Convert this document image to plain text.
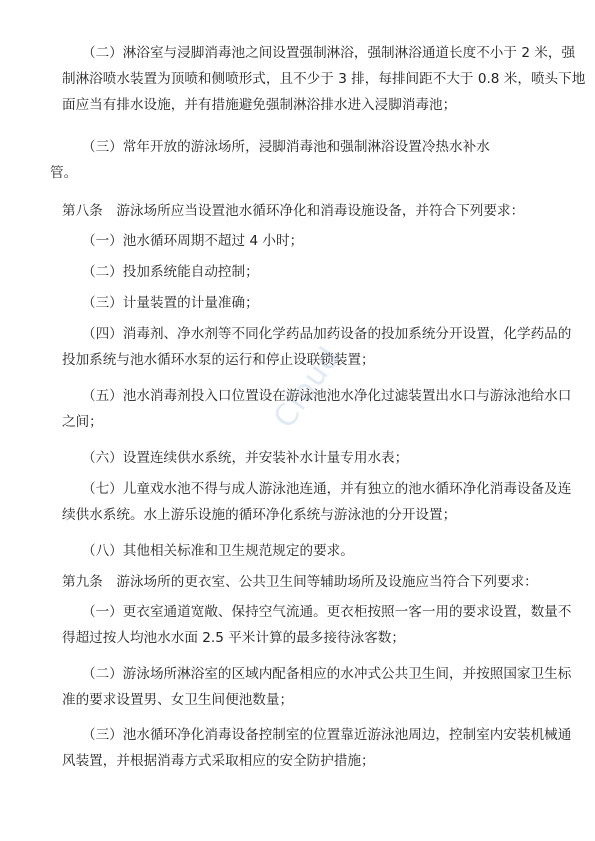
Cloud
（二）淋浴室与浸脚消毒池之间设置强制淋浴，强制淋浴通道长度不小于 2 米，强
制淋浴喷水装置为顶喷和侧喷形式，且不少于 3 排，每排间距不大于 0.8 米，喷头下地
面应当有排水设施，并有措施避免强制淋浴排水进入浸脚消毒池；
（三）常年开放的游泳场所，浸脚消毒池和强制淋浴设置冷热水补水
管。
第八条　游泳场所应当设置池水循环净化和消毒设施设备，并符合下列要求：
（一）池水循环周期不超过 4 小时；
（二）投加系统能自动控制；
（三）计量装置的计量准确；
（四）消毒剂、净水剂等不同化学药品加药设备的投加系统分开设置，化学药品的
投加系统与池水循环水泵的运行和停止设联锁装置；
（五）池水消毒剂投入口位置设在游泳池池水净化过滤装置出水口与游泳池给水口
之间；
（六）设置连续供水系统，并安装补水计量专用水表；
（七）儿童戏水池不得与成人游泳池连通，并有独立的池水循环净化消毒设备及连
续供水系统。水上游乐设施的循环净化系统与游泳池的分开设置；
（八）其他相关标准和卫生规范规定的要求。
第九条　游泳场所的更衣室、公共卫生间等辅助场所及设施应当符合下列要求：
（一）更衣室通道宽敞、保持空气流通。更衣柜按照一客一用的要求设置，数量不
得超过按人均池水水面 2.5 平米计算的最多接待泳客数；
（二）游泳场所淋浴室的区域内配备相应的水冲式公共卫生间，并按照国家卫生标
准的要求设置男、女卫生间便池数量；
（三）池水循环净化消毒设备控制室的位置靠近游泳池周边，控制室内安装机械通
风装置，并根据消毒方式采取相应的安全防护措施；
